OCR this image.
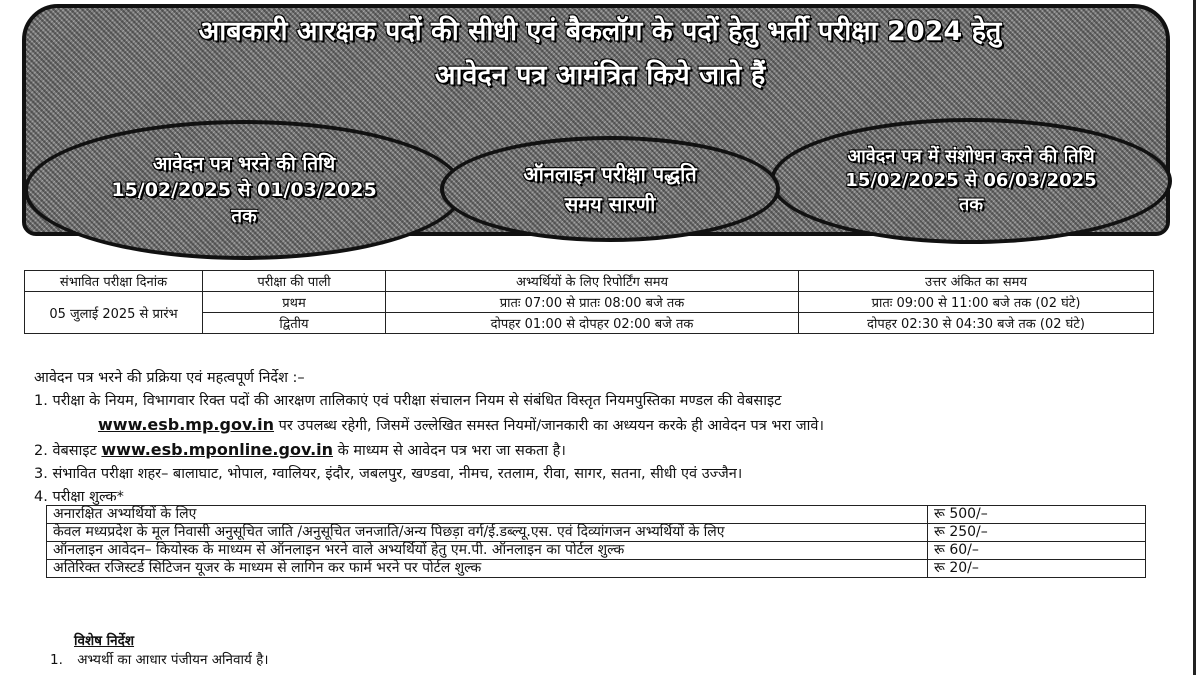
आबकारी आरक्षक पदों की सीधी एवं बैकलॉग के पदों हेतु भर्ती परीक्षा 2024 हेतु
आवेदन पत्र आमंत्रित किये जाते हैं
आवेदन पत्र भरने की तिथि
15/02/2025 से 01/03/2025
तक
आवेदन पत्र में संशोधन करने की तिथि
15/02/2025 से 06/03/2025
तक
ऑनलाइन परीक्षा पद्धति
समय सारणी
संभावित परीक्षा दिनांक	परीक्षा की पाली	अभ्यर्थियों के लिए रिपोर्टिंग समय	उत्तर अंकित का समय
05 जुलाई 2025 से प्रारंभ	प्रथम	प्रातः 07:00 से प्रातः 08:00 बजे तक	प्रातः 09:00 से 11:00 बजे तक (02 घंटे)
	द्वितीय	दोपहर 01:00 से दोपहर 02:00 बजे तक	दोपहर 02:30 से 04:30 बजे तक (02 घंटे)

आवेदन पत्र भरने की प्रक्रिया एवं महत्वपूर्ण निर्देश :–

1. परीक्षा के नियम, विभागवार रिक्त पदों की आरक्षण तालिकाएं एवं परीक्षा संचालन नियम से संबंधित विस्तृत नियमपुस्तिका मण्डल की वेबसाइट
www.esb.mp.gov.in पर उपलब्ध रहेगी, जिसमें उल्लेखित समस्त नियमों/जानकारी का अध्ययन करके ही आवेदन पत्र भरा जावे।

2. वेबसाइट www.esb.mponline.gov.in के माध्यम से आवेदन पत्र भरा जा सकता है।

3. संभावित परीक्षा शहर– बालाघाट, भोपाल, ग्वालियर, इंदौर, जबलपुर, खण्डवा, नीमच, रतलाम, रीवा, सागर, सतना, सीधी एवं उज्जैन।

4. परीक्षा शुल्क*

अनारक्षित अभ्यर्थियों के लिए	रू 500/–
केवल मध्यप्रदेश के मूल निवासी अनुसूचित जाति /अनुसूचित जनजाति/अन्य पिछड़ा वर्ग/ई.डब्ल्यू.एस. एवं दिव्यांगजन अभ्यर्थियों के लिए	रू 250/–
ऑनलाइन आवेदन– कियोस्क के माध्यम से ऑनलाइन भरने वाले अभ्यर्थियों हेतु एम.पी. ऑनलाइन का पोर्टल शुल्क	रू 60/–
अतिरिक्त रजिस्टर्ड सिटिजन यूजर के माध्यम से लागिन कर फार्म भरने पर पोर्टल शुल्क	रू 20/–
विशेष निर्देश
1. अभ्यर्थी का आधार पंजीयन अनिवार्य है।
